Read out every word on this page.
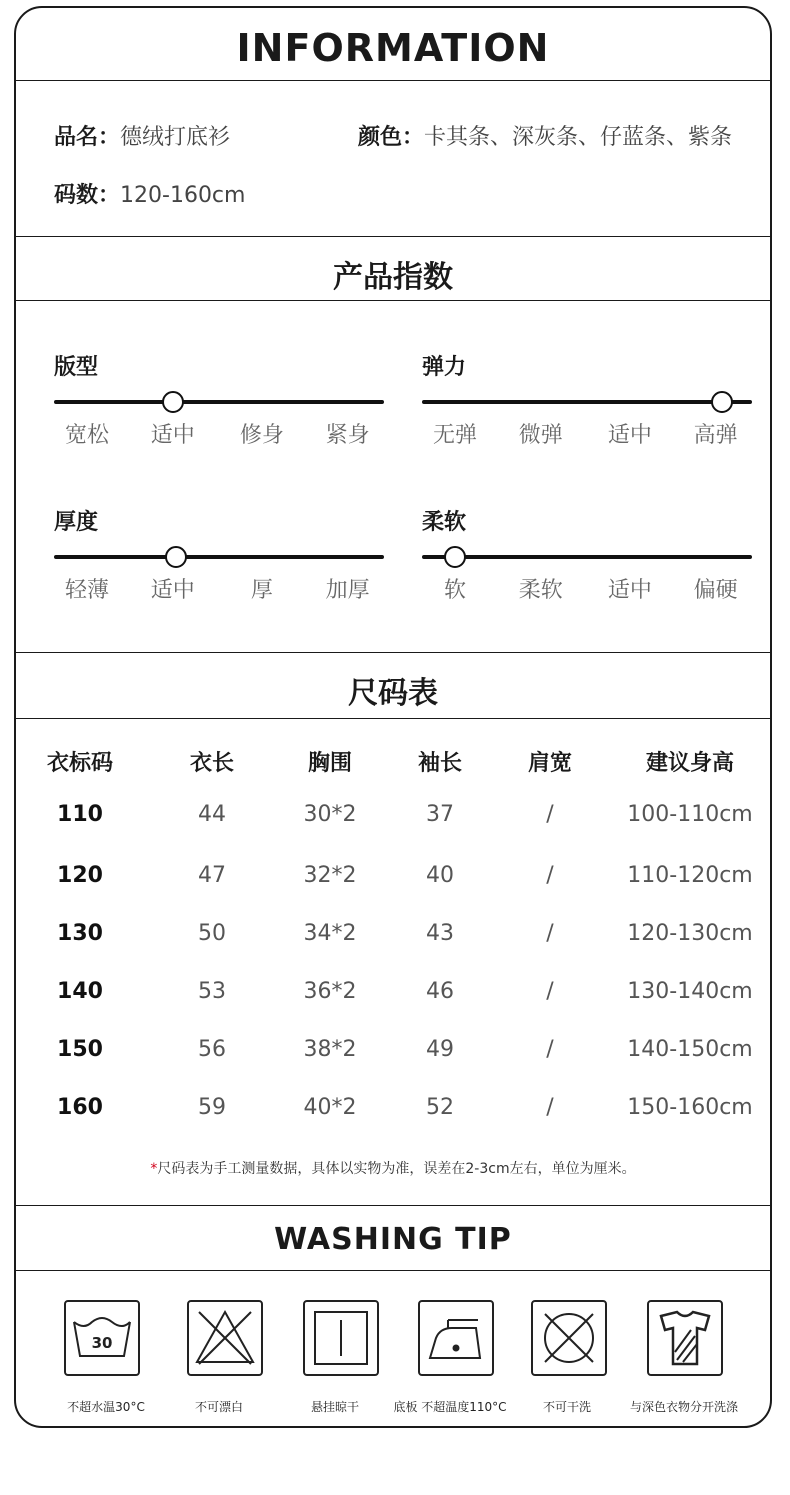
INFORMATION
品名：德绒打底衫	颜色：卡其条、深灰条、仔蓝条、紫条
码数：120-160cm
产品指数
版型
宽松 适中 修身 紧身
弹力
无弹 微弹 适中 高弹
厚度
轻薄 适中	厚 加厚
柔软
软 柔软 适中 偏硬
尺码表
衣标码	衣长	胸围	袖长	肩宽	建议身高
110	44	30*2	37	/	100-110cm
120	47	32*2	40	/	110-120cm
130	50	34*2	43	/	120-130cm
140	53	36*2	46	/	130-140cm
150	56	38*2	49	/	140-150cm
160	59	40*2	52	/	150-160cm
*尺码表为手工测量数据，具体以实物为准，误差在2-3cm左右，单位为厘米。
WASHING TIP
30
不超水温30°C	不可漂白	悬挂晾干	底板 不超温度110°C	不可干洗	与深色衣物分开洗涤
